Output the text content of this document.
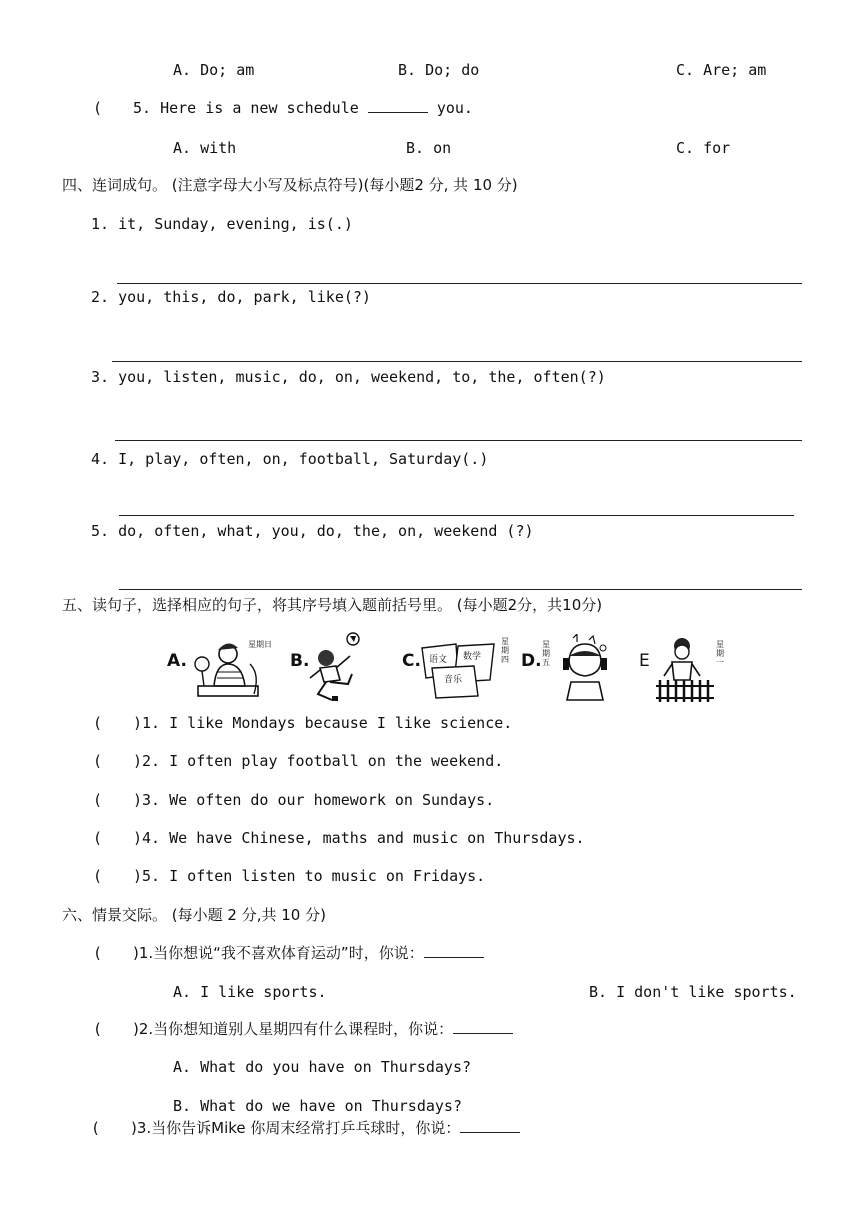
A. Do; am	B. Do; do	C. Are; am
( 5. Here is a new schedule	you.
A. with	B. on	C. for
四、连词成句。 (注意字母大小写及标点符号)(每小题2 分, 共 10 分)
1. it, Sunday, evening, is(.)
2. you, this, do, park, like(?)
3. you, listen, music, do, on, weekend, to, the, often(?)
4. I, play, often, on, football, Saturday(.)
5. do, often, what, you, do, the, on, weekend (?)
五、读句子，选择相应的句子，将其序号填入题前括号里。 (每小题2分，共10分)
A.
星期日
B.	C. 语文 数学
音乐
星期四 D.
星期五	E
星期一
( )1. I like Mondays because I like science.
( )2. I often play football on the weekend.
( )3. We often do our homework on Sundays.
( )4. We have Chinese, maths and music on Thursdays.
( )5. I often listen to music on Fridays.
六、情景交际。 (每小题 2 分,共 10 分)
( )1.当你想说“我不喜欢体育运动”时，你说：
A. I like sports.	B. I don't like sports.
( )2.当你想知道别人星期四有什么课程时，你说：
A. What do you have on Thursdays?
B. What do we have on Thursdays?
( )3.当你告诉Mike 你周末经常打乒乓球时，你说：
